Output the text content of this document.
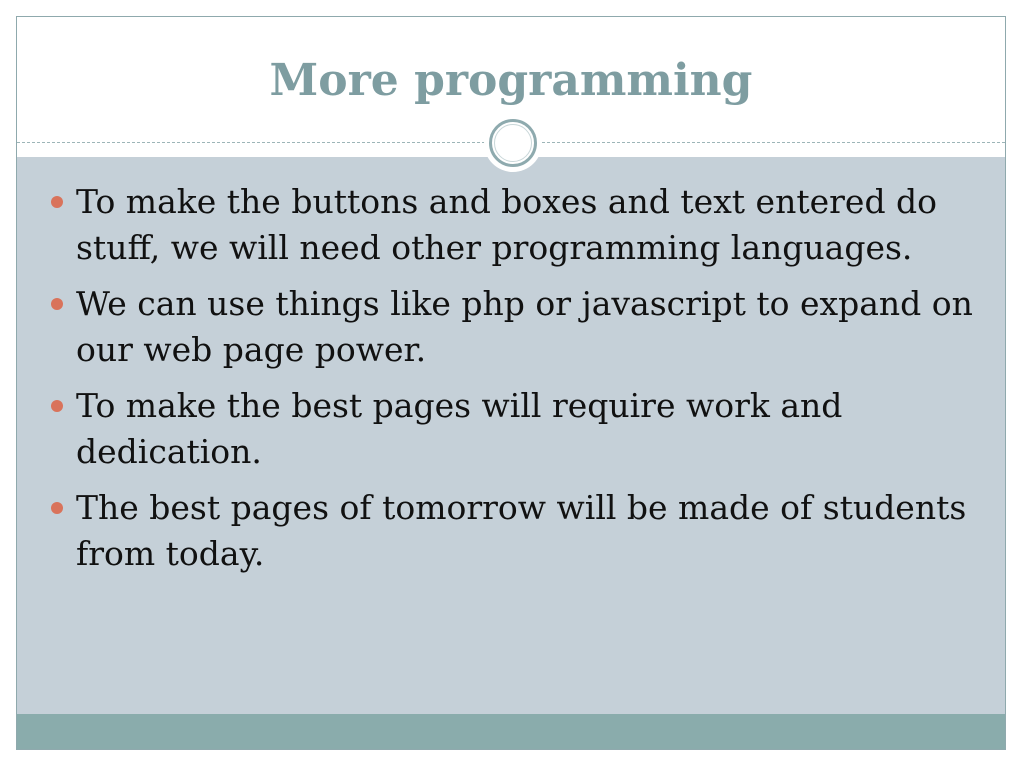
More programming
To make the buttons and boxes and text entered do stuff, we will need other programming languages.
We can use things like php or javascript to expand on our web page power.
To make the best pages will require work and dedication.
The best pages of tomorrow will be made of students from today.
